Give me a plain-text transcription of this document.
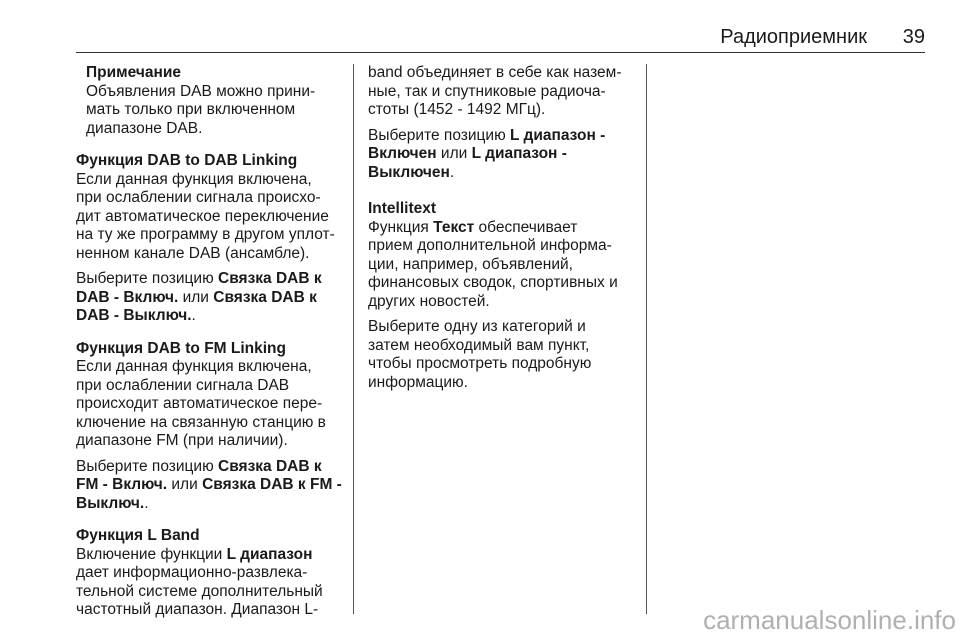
Радиоприемник 39
Примечание
Объявления DAB можно прини-
мать только при включенном
диапазоне DAB.
Функция DAB to DAB Linking

Если данная функция включена,
при ослаблении сигнала происхо-
дит автоматическое переключение
на ту же программу в другом уплот-
ненном канале DAB (ансамбле).

Выберите позицию Связка DAB к
DAB - Включ. или Связка DAB к
DAB - Выключ..

Функция DAB to FM Linking

Если данная функция включена,
при ослаблении сигнала DAB
происходит автоматическое пере-
ключение на связанную станцию в
диапазоне FM (при наличии).

Выберите позицию Связка DAB к
FM - Включ. или Связка DAB к FM -
Выключ..

Функция L Band

Включение функции L диапазон
дает информационно-развлека-
тельной системе дополнительный
частотный диапазон. Диапазон L-

band объединяет в себе как назем-
ные, так и спутниковые радиоча-
стоты (1452 - 1492 МГц).

Выберите позицию L диапазон -
Включен или L диапазон -
Выключен.

Intellitext

Функция Текст обеспечивает
прием дополнительной информа-
ции, например, объявлений,
финансовых сводок, спортивных и
других новостей.

Выберите одну из категорий и
затем необходимый вам пункт,
чтобы просмотреть подробную
информацию.

carmanualsonline.info
